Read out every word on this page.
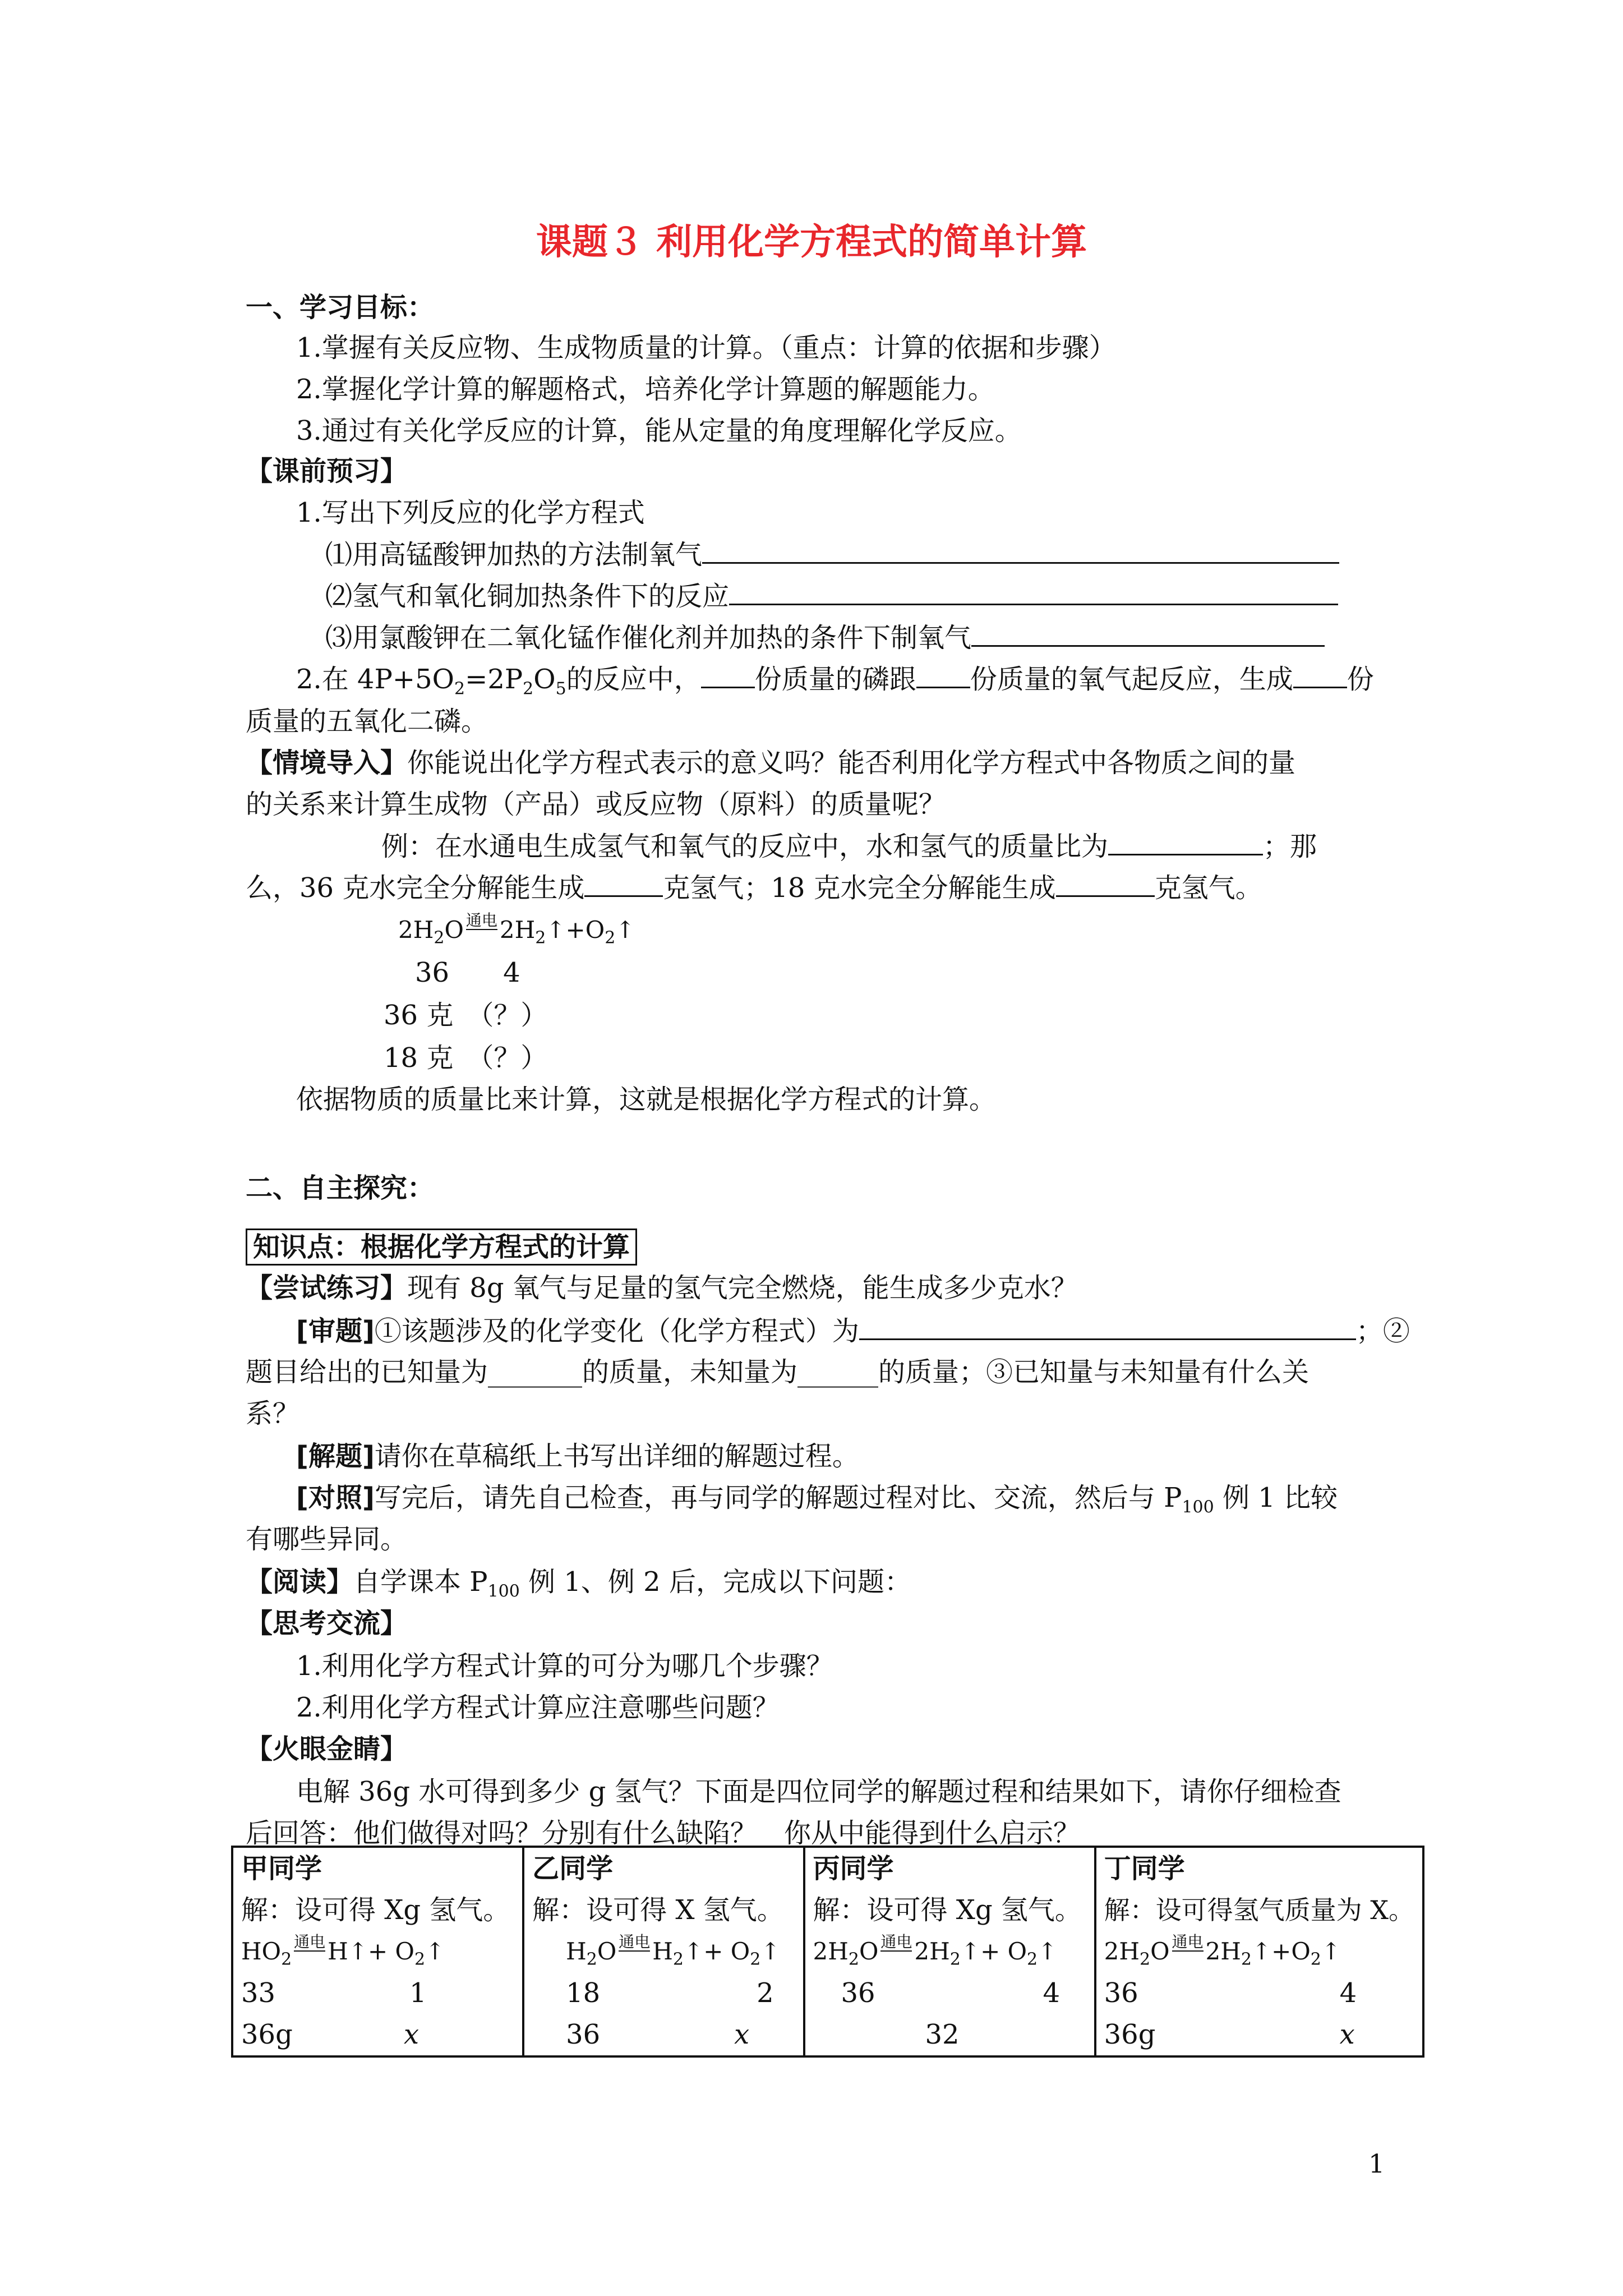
课题３ 利用化学方程式的简单计算
一、学习目标：
1.掌握有关反应物、生成物质量的计算。（重点：计算的依据和步骤）
2.掌握化学计算的解题格式，培养化学计算题的解题能力。
3.通过有关化学反应的计算，能从定量的角度理解化学反应。
【课前预习】
1.写出下列反应的化学方程式
⑴用高锰酸钾加热的方法制氧气
⑵氢气和氧化铜加热条件下的反应
⑶用氯酸钾在二氧化锰作催化剂并加热的条件下制氧气
2.在 $4P+5O_2=2P_2O_5$的反应中， 份质量的磷跟 份质量的氧气起反应，生成 份
质量的五氧化二磷。
【情境导入】你能说出化学方程式表示的意义吗？能否利用化学方程式中各物质之间的量
的关系来计算生成物（产品）或反应物（原料）的质量呢？
例：在水通电生成氢气和氧气的反应中，水和氢气的质量比为	；那
么，36 克水完全分解能生成	克氢气；18 克水完全分解能生成	克氢气。
$2H_2O$ 通电$2H_2↑+O_2↑$
36　　4
36 克　（？）
18 克　（？）
依据物质的质量比来计算，这就是根据化学方程式的计算。
二、自主探究：
知识点：根据化学方程式的计算
【尝试练习】现有 8g 氧气与足量的氢气完全燃烧，能生成多少克水？
[审题]①该题涉及的化学变化（化学方程式）为	；②
题目给出的已知量为_______的质量，未知量为______的质量；③已知量与未知量有什么关
系？
[解题]请你在草稿纸上书写出详细的解题过程。
[对照]写完后，请先自己检查，再与同学的解题过程对比、交流，然后与 $P_{100}$ 例 1 比较
有哪些异同。
【阅读】自学课本 $P_{100}$ 例 1、例 2 后，完成以下问题：
【思考交流】
1.利用化学方程式计算的可分为哪几个步骤？
2.利用化学方程式计算应注意哪些问题？
【火眼金睛】
电解 36g 水可得到多少 g 氢气？下面是四位同学的解题过程和结果如下，请你仔细检查
后回答：他们做得对吗？分别有什么缺陷？　你从中能得到什么启示？
甲同学
解：设可得 Xg 氢气。
$HO_2$通电H↑+ $O_2↑$
33	1
36g	x

乙同学
解：设可得 X 氢气。
$H_2O$ 通电$H_2↑+$ $O_2↑$
18	2
36	x

丙同学
解：设可得 Xg 氢气。
$2H_2O$ 通电$2H_2↑+$ $O_2↑$
36	4
32

丁同学
解：设可得氢气质量为 X。
$2H_2O$ 通电$2H_2↑+O_2↑$
36	4
36g	x
1
